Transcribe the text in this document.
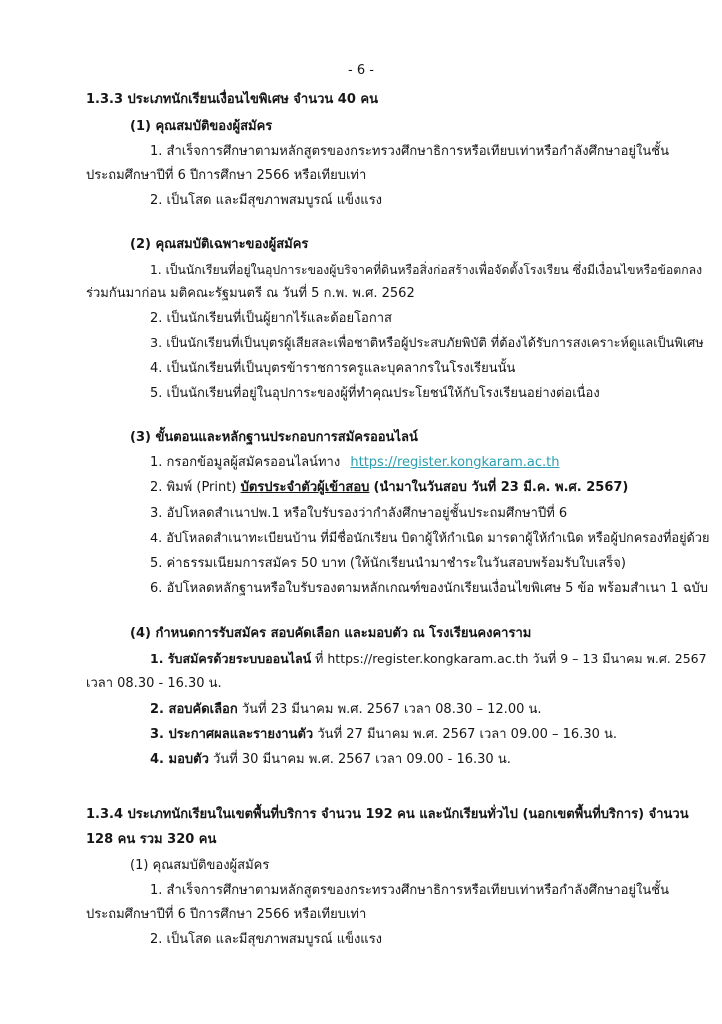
- 6 -
1.3.3 ประเภทนักเรียนเงื่อนไขพิเศษ จำนวน 40 คน
(1) คุณสมบัติของผู้สมัคร
1. สำเร็จการศึกษาตามหลักสูตรของกระทรวงศึกษาธิการหรือเทียบเท่าหรือกำลังศึกษาอยู่ในชั้น
ประถมศึกษาปีที่ 6 ปีการศึกษา 2566 หรือเทียบเท่า
2. เป็นโสด และมีสุขภาพสมบูรณ์ แข็งแรง
(2) คุณสมบัติเฉพาะของผู้สมัคร
1. เป็นนักเรียนที่อยู่ในอุปการะของผู้บริจาคที่ดินหรือสิ่งก่อสร้างเพื่อจัดตั้งโรงเรียน ซึ่งมีเงื่อนไขหรือข้อตกลง
ร่วมกันมาก่อน มติคณะรัฐมนตรี ณ วันที่ 5 ก.พ. พ.ศ. 2562
2. เป็นนักเรียนที่เป็นผู้ยากไร้และด้อยโอกาส
3. เป็นนักเรียนที่เป็นบุตรผู้เสียสละเพื่อชาติหรือผู้ประสบภัยพิบัติ ที่ต้องได้รับการสงเคราะห์ดูแลเป็นพิเศษ
4. เป็นนักเรียนที่เป็นบุตรข้าราชการครูและบุคลากรในโรงเรียนนั้น
5. เป็นนักเรียนที่อยู่ในอุปการะของผู้ที่ทำคุณประโยชน์ให้กับโรงเรียนอย่างต่อเนื่อง
(3) ขั้นตอนและหลักฐานประกอบการสมัครออนไลน์
1. กรอกข้อมูลผู้สมัครออนไลน์ทาง https://register.kongkaram.ac.th
2. พิมพ์ (Print) บัตรประจำตัวผู้เข้าสอบ (นำมาในวันสอบ วันที่ 23 มี.ค. พ.ศ. 2567)
3. อัปโหลดสำเนาปพ.1 หรือใบรับรองว่ากำลังศึกษาอยู่ชั้นประถมศึกษาปีที่ 6
4. อัปโหลดสำเนาทะเบียนบ้าน ที่มีชื่อนักเรียน บิดาผู้ให้กำเนิด มารดาผู้ให้กำเนิด หรือผู้ปกครองที่อยู่ด้วย
5. ค่าธรรมเนียมการสมัคร 50 บาท (ให้นักเรียนนำมาชำระในวันสอบพร้อมรับใบเสร็จ)
6. อัปโหลดหลักฐานหรือใบรับรองตามหลักเกณฑ์ของนักเรียนเงื่อนไขพิเศษ 5 ข้อ พร้อมสำเนา 1 ฉบับ
(4) กำหนดการรับสมัคร สอบคัดเลือก และมอบตัว ณ โรงเรียนคงคาราม
1. รับสมัครด้วยระบบออนไลน์ ที่ https://register.kongkaram.ac.th วันที่ 9 – 13 มีนาคม พ.ศ. 2567
เวลา 08.30 - 16.30 น.
2. สอบคัดเลือก วันที่ 23 มีนาคม พ.ศ. 2567 เวลา 08.30 – 12.00 น.
3. ประกาศผลและรายงานตัว วันที่ 27 มีนาคม พ.ศ. 2567 เวลา 09.00 – 16.30 น.
4. มอบตัว วันที่ 30 มีนาคม พ.ศ. 2567 เวลา 09.00 - 16.30 น.
1.3.4 ประเภทนักเรียนในเขตพื้นที่บริการ จำนวน 192 คน และนักเรียนทั่วไป (นอกเขตพื้นที่บริการ) จำนวน
128 คน รวม 320 คน
(1) คุณสมบัติของผู้สมัคร
1. สำเร็จการศึกษาตามหลักสูตรของกระทรวงศึกษาธิการหรือเทียบเท่าหรือกำลังศึกษาอยู่ในชั้น
ประถมศึกษาปีที่ 6 ปีการศึกษา 2566 หรือเทียบเท่า
2. เป็นโสด และมีสุขภาพสมบูรณ์ แข็งแรง
